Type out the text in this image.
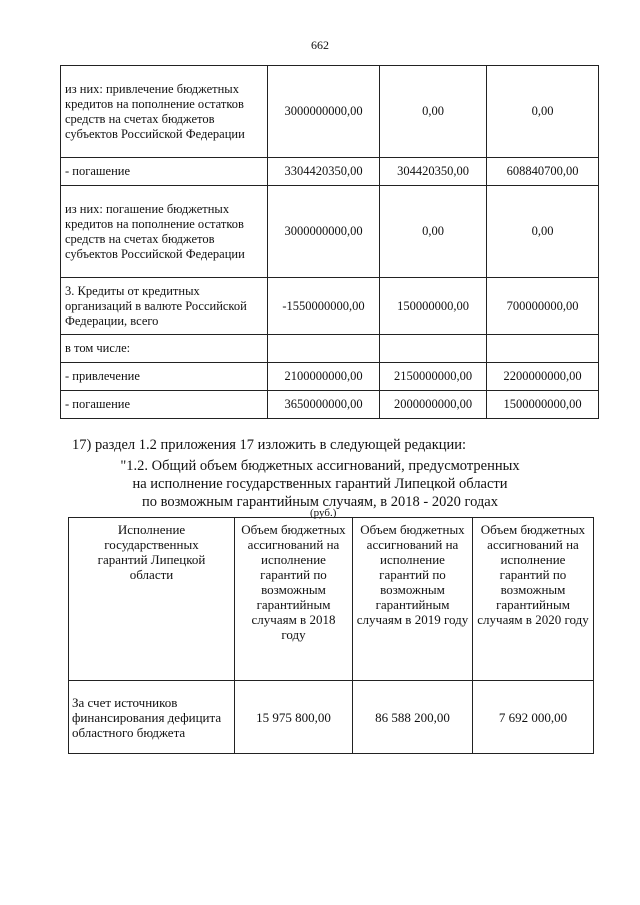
662
из них: привлечение бюджетных кредитов на пополнение остатков средств на счетах бюджетов субъектов Российской Федерации	3000000000,00	0,00	0,00
- погашение	3304420350,00	304420350,00	608840700,00
из них: погашение бюджетных кредитов на пополнение остатков средств на счетах бюджетов субъектов Российской Федерации	3000000000,00	0,00	0,00
3. Кредиты от кредитных организаций в валюте Российской Федерации, всего	-1550000000,00	150000000,00	700000000,00
в том числе:			
- привлечение	2100000000,00	2150000000,00	2200000000,00
- погашение	3650000000,00	2000000000,00	1500000000,00
17) раздел 1.2 приложения 17 изложить в следующей редакции:
"1.2. Общий объем бюджетных ассигнований, предусмотренных
на исполнение государственных гарантий Липецкой области
по возможным гарантийным случаям, в 2018 - 2020 годах
(руб.)
Исполнение государственных гарантий Липецкой области	Объем бюджетных ассигнований на исполнение гарантий по возможным гарантийным случаям в 2018 году	Объем бюджетных ассигнований на исполнение гарантий по возможным гарантийным случаям в 2019 году	Объем бюджетных ассигнований на исполнение гарантий по возможным гарантийным случаям в 2020 году
За счет источников финансирования дефицита областного бюджета	15 975 800,00	86 588 200,00	7 692 000,00
